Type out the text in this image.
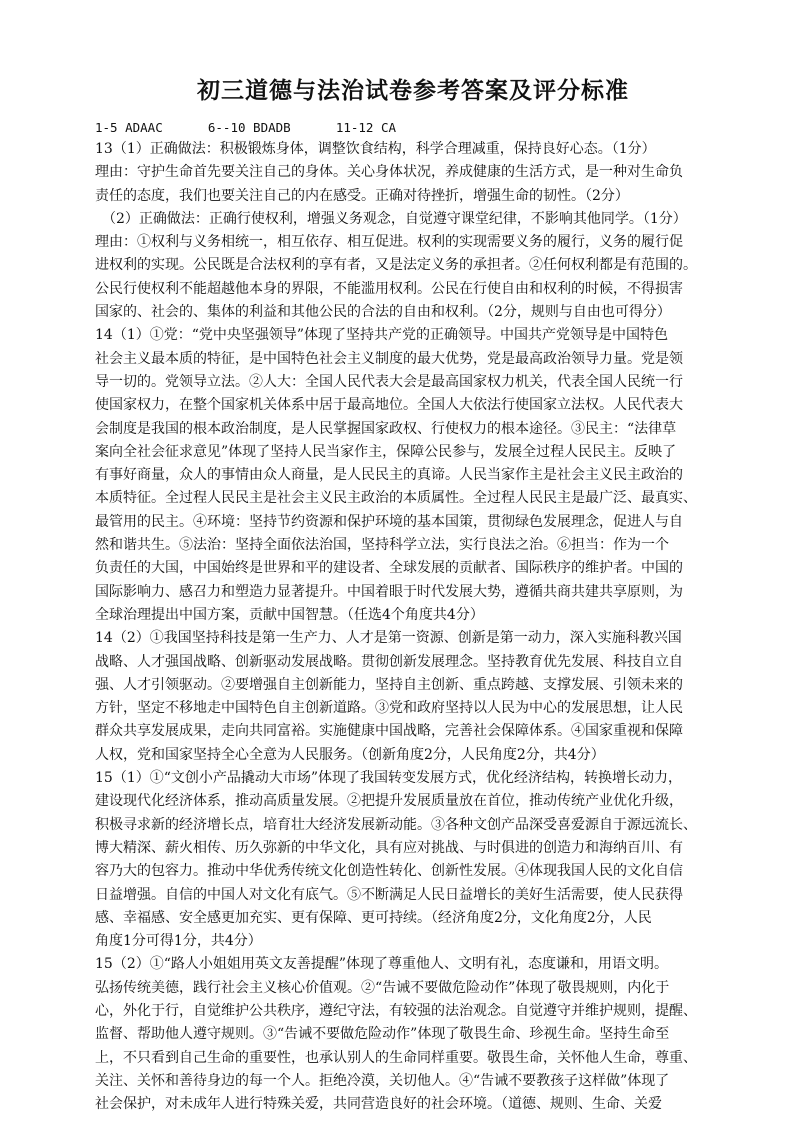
初三道德与法治试卷参考答案及评分标准

1-5 ADAAC      6--10 BDADB      11-12 CA

13（1）正确做法：积极锻炼身体，调整饮食结构，科学合理减重，保持良好心态。（1分）

理由：守护生命首先要关注自己的身体。关心身体状况，养成健康的生活方式，是一种对生命负

责任的态度，我们也要关注自己的内在感受。正确对待挫折，增强生命的韧性。（2分）

（2）正确做法：正确行使权利，增强义务观念，自觉遵守课堂纪律，不影响其他同学。（1分）

理由：①权利与义务相统一，相互依存、相互促进。权利的实现需要义务的履行，义务的履行促

进权利的实现。公民既是合法权利的享有者，又是法定义务的承担者。②任何权利都是有范围的。

公民行使权利不能超越他本身的界限，不能滥用权利。公民在行使自由和权利的时候，不得损害

国家的、社会的、集体的利益和其他公民的合法的自由和权利。（2分，规则与自由也可得分）

14（1）①党：“党中央坚强领导”体现了坚持共产党的正确领导。中国共产党领导是中国特色

社会主义最本质的特征，是中国特色社会主义制度的最大优势，党是最高政治领导力量。党是领

导一切的。党领导立法。②人大：全国人民代表大会是最高国家权力机关，代表全国人民统一行

使国家权力，在整个国家机关体系中居于最高地位。全国人大依法行使国家立法权。人民代表大

会制度是我国的根本政治制度，是人民掌握国家政权、行使权力的根本途径。③民主：“法律草

案向全社会征求意见”体现了坚持人民当家作主，保障公民参与，发展全过程人民民主。反映了

有事好商量，众人的事情由众人商量，是人民民主的真谛。人民当家作主是社会主义民主政治的

本质特征。全过程人民民主是社会主义民主政治的本质属性。全过程人民民主是最广泛、最真实、

最管用的民主。④环境：坚持节约资源和保护环境的基本国策，贯彻绿色发展理念，促进人与自

然和谐共生。⑤法治：坚持全面依法治国，坚持科学立法，实行良法之治。⑥担当：作为一个

负责任的大国，中国始终是世界和平的建设者、全球发展的贡献者、国际秩序的维护者。中国的

国际影响力、感召力和塑造力显著提升。中国着眼于时代发展大势，遵循共商共建共享原则，为

全球治理提出中国方案，贡献中国智慧。（任选4个角度共4分）

14（2）①我国坚持科技是第一生产力、人才是第一资源、创新是第一动力，深入实施科教兴国

战略、人才强国战略、创新驱动发展战略。贯彻创新发展理念。坚持教育优先发展、科技自立自

强、人才引领驱动。②要增强自主创新能力，坚持自主创新、重点跨越、支撑发展、引领未来的

方针，坚定不移地走中国特色自主创新道路。③党和政府坚持以人民为中心的发展思想，让人民

群众共享发展成果，走向共同富裕。实施健康中国战略，完善社会保障体系。④国家重视和保障

人权，党和国家坚持全心全意为人民服务。（创新角度2分，人民角度2分，共4分）

15（1）①“文创小产品撬动大市场”体现了我国转变发展方式，优化经济结构，转换增长动力，

建设现代化经济体系，推动高质量发展。②把提升发展质量放在首位，推动传统产业优化升级，

积极寻求新的经济增长点，培育壮大经济发展新动能。③各种文创产品深受喜爱源自于源远流长、

博大精深、薪火相传、历久弥新的中华文化，具有应对挑战、与时俱进的创造力和海纳百川、有

容乃大的包容力。推动中华优秀传统文化创造性转化、创新性发展。④体现我国人民的文化自信

日益增强。自信的中国人对文化有底气。⑤不断满足人民日益增长的美好生活需要，使人民获得

感、幸福感、安全感更加充实、更有保障、更可持续。（经济角度2分，文化角度2分，人民

角度1分可得1分，共4分）

15（2）①“路人小姐姐用英文友善提醒”体现了尊重他人、文明有礼，态度谦和，用语文明。

弘扬传统美德，践行社会主义核心价值观。②“告诫不要做危险动作”体现了敬畏规则，内化于

心，外化于行，自觉维护公共秩序，遵纪守法，有较强的法治观念。自觉遵守并维护规则，提醒、

监督、帮助他人遵守规则。③“告诫不要做危险动作”体现了敬畏生命、珍视生命。坚持生命至

上，不只看到自己生命的重要性，也承认别人的生命同样重要。敬畏生命，关怀他人生命，尊重、

关注、关怀和善待身边的每一个人。拒绝冷漠，关切他人。④“告诫不要教孩子这样做”体现了

社会保护，对未成年人进行特殊关爱，共同营造良好的社会环境。（道德、规则、生命、关爱
